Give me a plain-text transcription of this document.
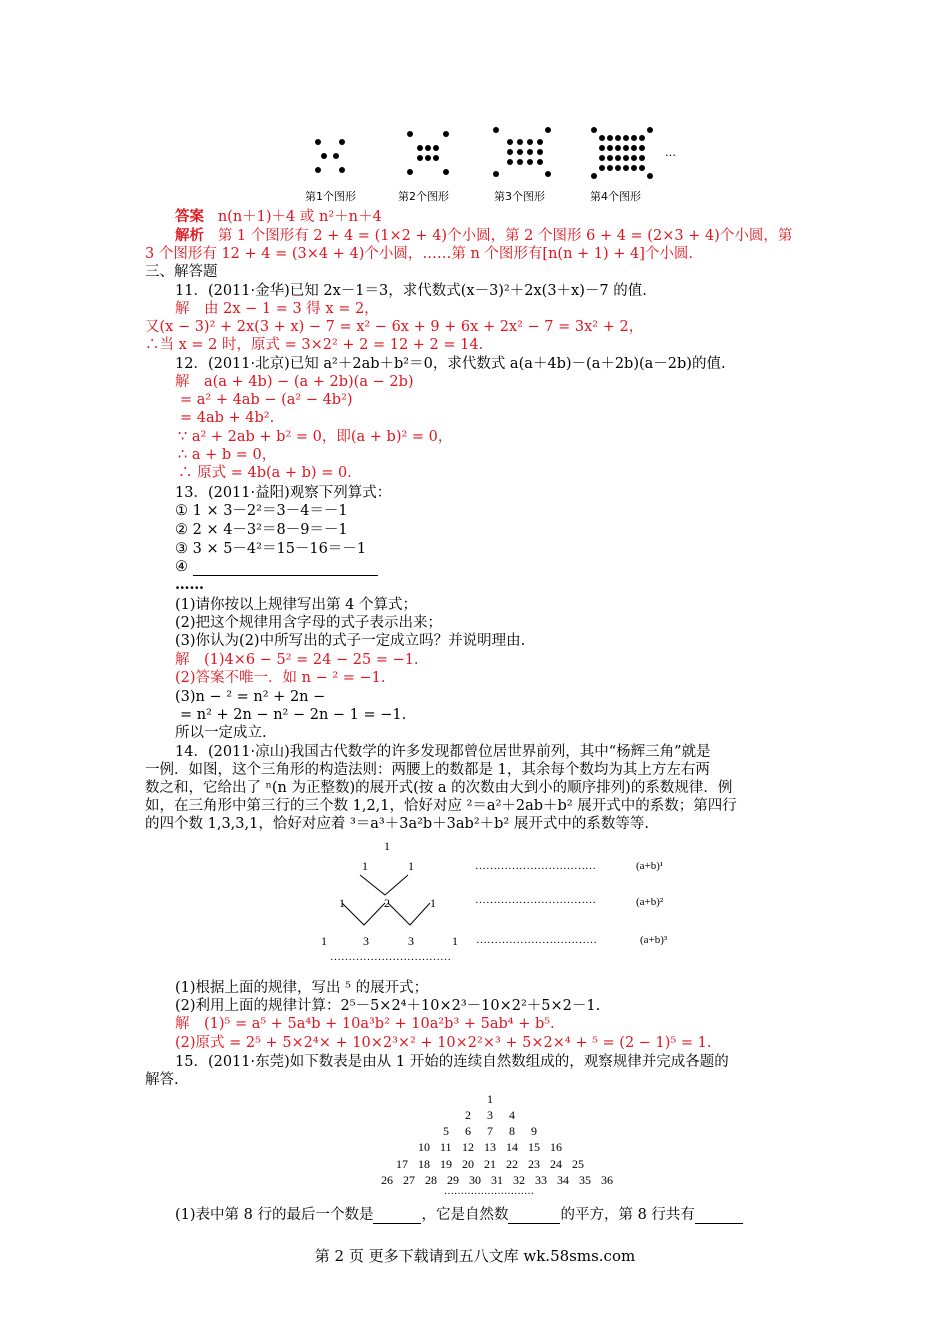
…
第1个图形	第2个图形	第3个图形	第4个图形
答案 n(n＋1)＋4 或 n²＋n＋4
解析 第 1 个图形有 2 + 4 = (1×2 + 4)个小圆，第 2 个图形 6 + 4 = (2×3 + 4)个小圆，第
3 个图形有 12 + 4 = (3×4 + 4)个小圆，……第 n 个图形有[n(n + 1) + 4]个小圆.
三、解答题
11．(2011·金华)已知 2x－1＝3，求代数式(x－3)²＋2x(3＋x)－7 的值.
解　由 2x − 1 = 3 得 x = 2，
又(x − 3)² + 2x(3 + x) − 7 = x² − 6x + 9 + 6x + 2x² − 7 = 3x² + 2，
∴当 x = 2 时，原式 = 3×2² + 2 = 12 + 2 = 14.
12．(2011·北京)已知 a²＋2ab＋b²＝0，求代数式 a(a＋4b)－(a＋2b)(a－2b)的值.
解　a(a + 4b) − (a + 2b)(a − 2b)
= a² + 4ab − (a² − 4b²)
= 4ab + 4b².
∵ a² + 2ab + b² = 0，即(a + b)² = 0，
∴ a + b = 0，
∴ 原式 = 4b(a + b) = 0.
13．(2011·益阳)观察下列算式：
① 1 × 3－2²＝3－4＝－1
② 2 × 4－3²＝8－9＝－1
③ 3 × 5－4²＝15－16＝－1
④
……
(1)请你按以上规律写出第 4 个算式；
(2)把这个规律用含字母的式子表示出来；
(3)你认为(2)中所写出的式子一定成立吗？并说明理由.
解　(1)4×6 − 5² = 24 − 25 = −1.
(2)答案不唯一．如 n − ² = −1.
(3)n − ² = n² + 2n −
= n² + 2n − n² − 2n − 1 = −1.
所以一定成立.
14．(2011·凉山)我国古代数学的许多发现都曾位居世界前列，其中“杨辉三角”就是
一例．如图，这个三角形的构造法则：两腰上的数都是 1，其余每个数均为其上方左右两
数之和，它给出了 ⁿ(n 为正整数)的展开式(按 a 的次数由大到小的顺序排列)的系数规律．例
如，在三角形中第三行的三个数 1,2,1，恰好对应 ²＝a²＋2ab＋b² 展开式中的系数；第四行
的四个数 1,3,3,1，恰好对应着 ³＝a³＋3a²b＋3ab²＋b² 展开式中的系数等等.
1
1	1
1	2	1
1	3	3	1
……………………………
……………………………	(a+b)¹
……………………………	(a+b)²
……………………………	(a+b)³
(1)根据上面的规律，写出 ⁵ 的展开式；
(2)利用上面的规律计算：2⁵－5×2⁴＋10×2³－10×2²＋5×2－1.
解　(1)⁵ = a⁵ + 5a⁴b + 10a³b² + 10a²b³ + 5ab⁴ + b⁵.
(2)原式 = 2⁵ + 5×2⁴× + 10×2³×² + 10×2²×³ + 5×2×⁴ + ⁵ = (2 − 1)⁵ = 1.
15．(2011·东莞)如下数表是由从 1 开始的连续自然数组成的，观察规律并完成各题的
解答.
1
2 3 4
5 6 7 8 9
10 11 12 13 14 15 16
17 18 19 20 21 22 23 24 25
26 27 28 29 30 31 32 33 34 35 36
………………………
(1)表中第 8 行的最后一个数是	，它是自然数	的平方，第 8 行共有
第 2 页 更多下载请到五八文库 wk.58sms.com
